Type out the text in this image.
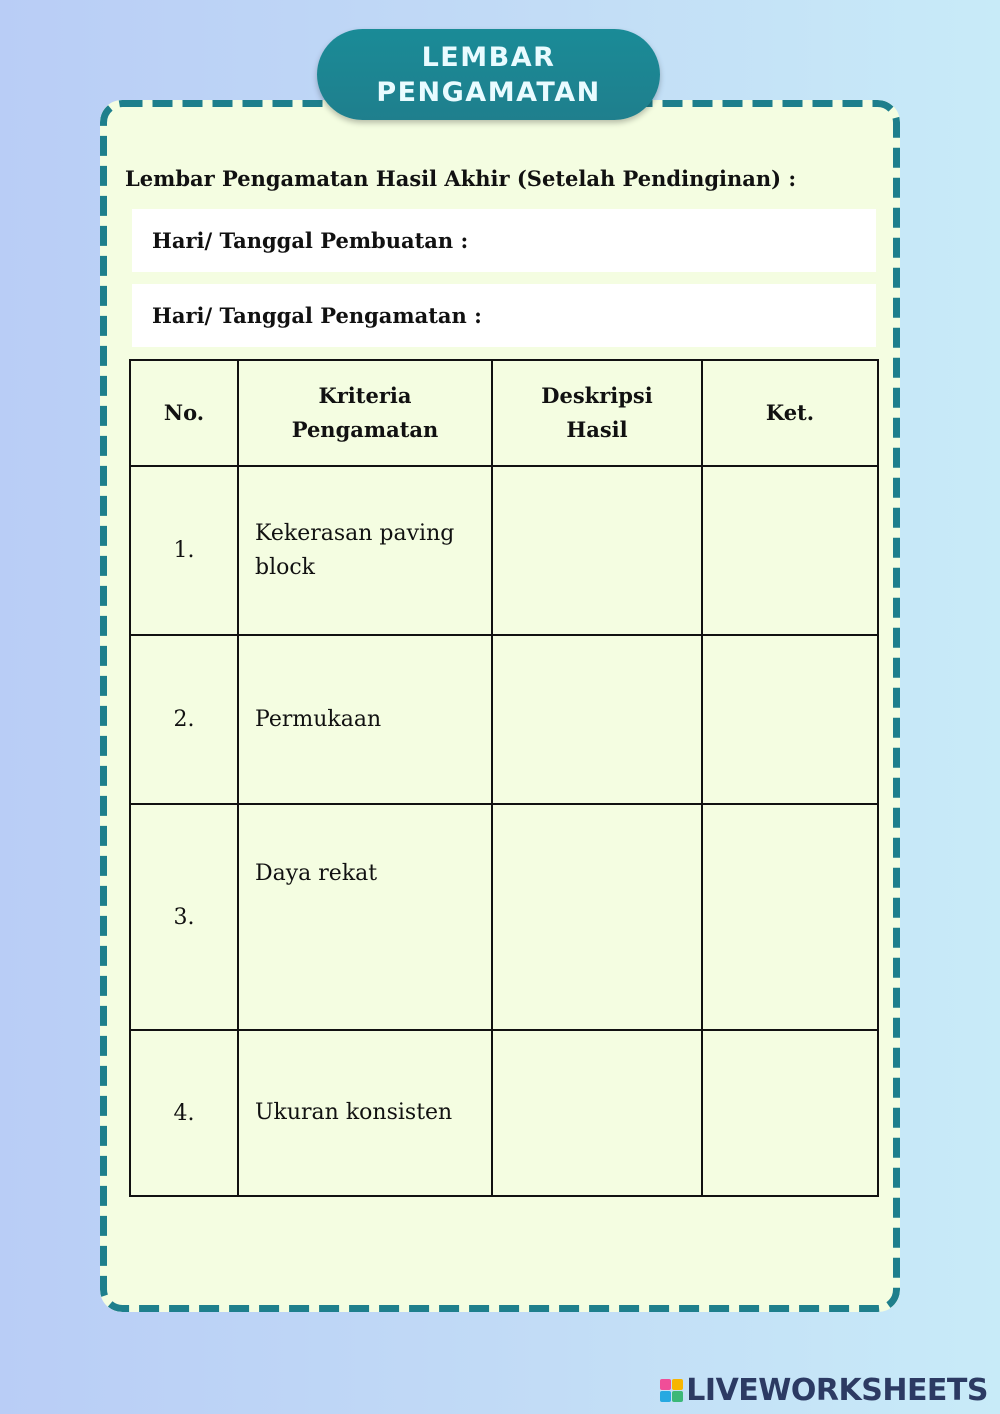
LEMBAR
PENGAMATAN
Lembar Pengamatan Hasil Akhir (Setelah Pendinginan) :
Hari/ Tanggal Pembuatan :
Hari/ Tanggal Pengamatan :
No.	Kriteria Pengamatan	Deskripsi Hasil	Ket.
1.	Kekerasan paving block		
2.	Permukaan		
3.	Daya rekat		
4.	Ukuran konsisten		
LIVEWORKSHEETS
